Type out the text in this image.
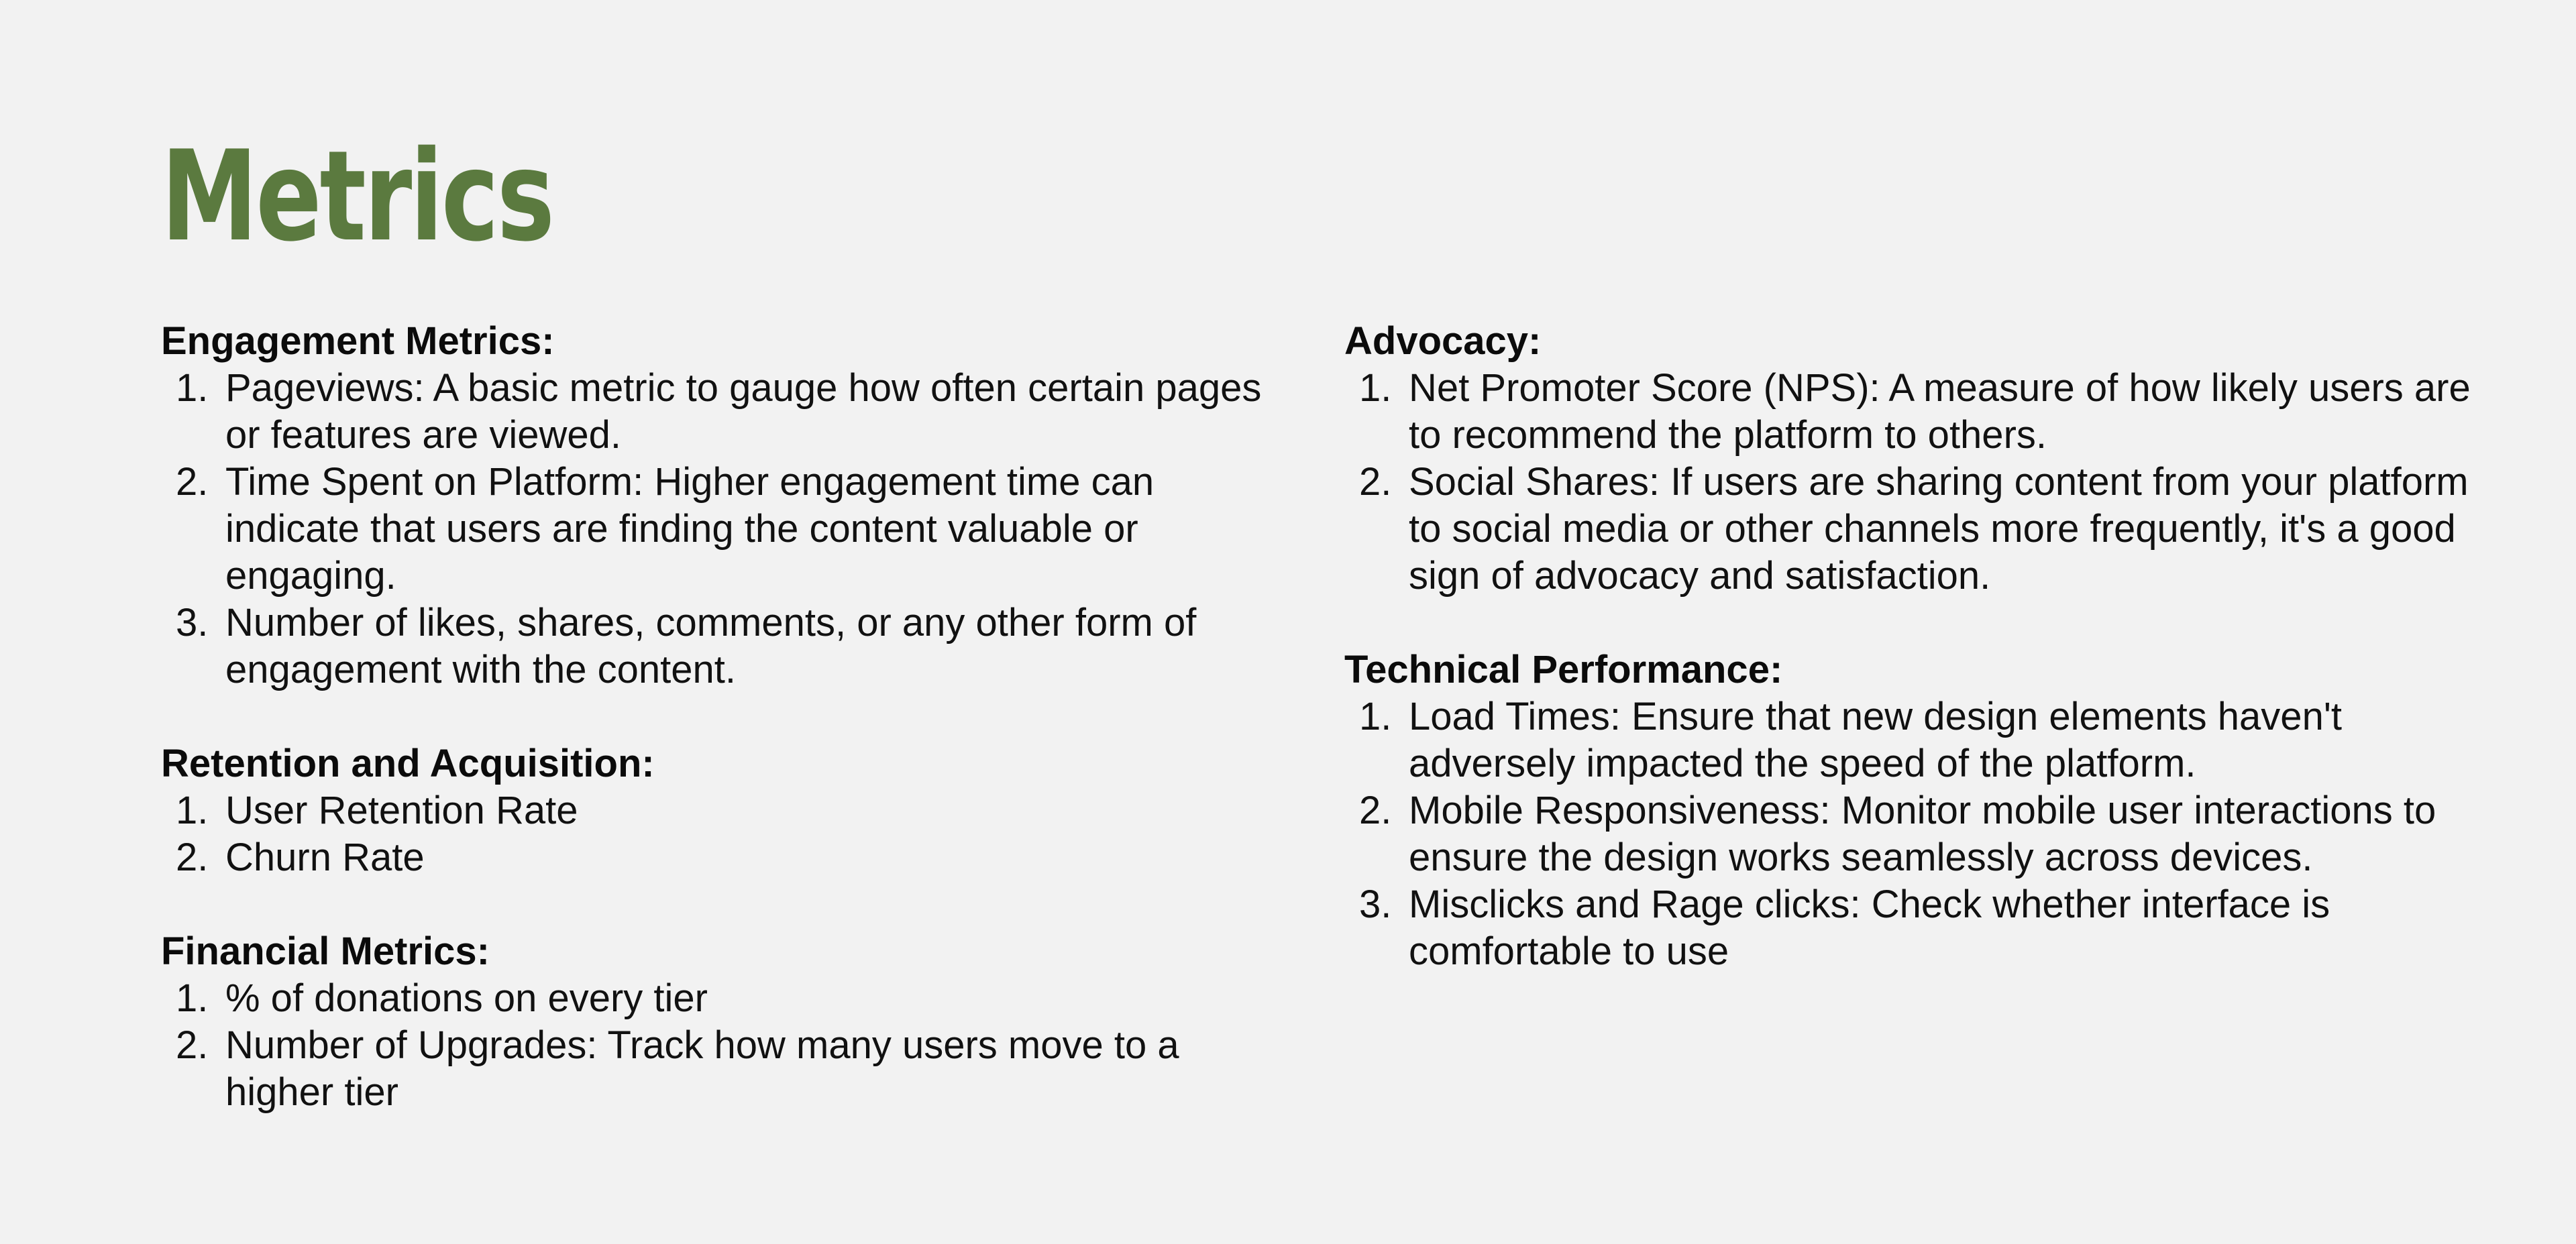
Metrics
Engagement Metrics:
1. Pageviews: A basic metric to gauge how often certain pages or features are viewed.
2. Time Spent on Platform: Higher engagement time can indicate that users are finding the content valuable or engaging.
3. Number of likes, shares, comments, or any other form of engagement with the content.
Retention and Acquisition:
1. User Retention Rate
2. Churn Rate
Financial Metrics:
1. % of donations on every tier
2. Number of Upgrades: Track how many users move to a higher tier
Advocacy:
1. Net Promoter Score (NPS): A measure of how likely users are to recommend the platform to others.
2. Social Shares: If users are sharing content from your platform to social media or other channels more frequently, it's a good sign of advocacy and satisfaction.
Technical Performance:
1. Load Times: Ensure that new design elements haven't adversely impacted the speed of the platform.
2. Mobile Responsiveness: Monitor mobile user interactions to ensure the design works seamlessly across devices.
3. Misclicks and Rage clicks: Check whether interface is comfortable to use
